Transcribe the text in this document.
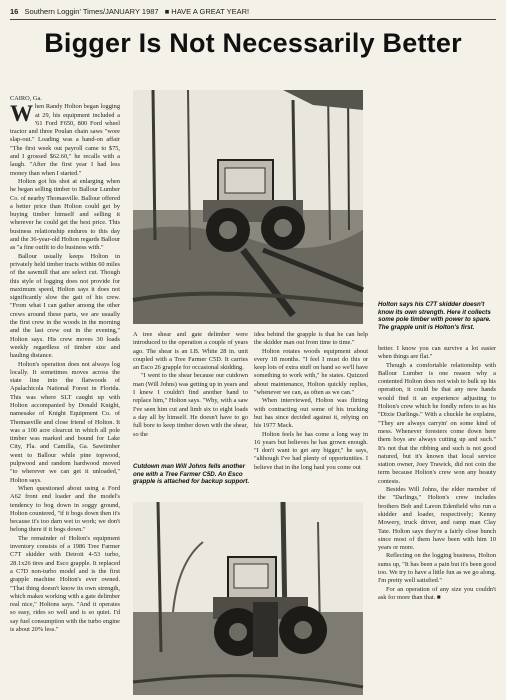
16 Southern Loggin' Times/JANUARY 1987 ■ HAVE A GREAT YEAR!
Bigger Is Not Necessarily Better
CAIRO, Ga.

When Randy Holton began logging at 29, his equipment included a '61 Ford F650, 800 Ford wheel tractor and three Poulan chain saws "wore slap-out." Loading was a hand-on affair "The first week out payroll came to $75, and I grossed $62.60," he recalls with a laugh. "After the first year I had less money than when I started."

Holton got his shot at enlarging when he began selling timber to Ballour Lumber Co. of nearby Thomasville. Ballour offered a better price than Holton could get by buying timber himself and selling it wherever he could get the best price. This business relationship endures to this day and the 36-year-old Holton regards Ballour as "a fine outfit to do business with."

Ballour usually keeps Holton in privately held timber tracts within 60 miles of the sawmill that are select cut. Though this style of logging does not provide for maximum speed, Holton says it does not significantly slow the gait of his crew. "From what I can gather among the other crews around these parts, we are usually the first crew in the woods in the morning and the last crew out in the evening," Holton says. His crew moves 30 loads weekly regardless of timber size and hauling distance.

Holton's operation does not always log locally. It sometimes moves across the state line into the flatwoods of Apalachicola National Forest in Florida. This was where SLT caught up with Holton accompanied by Donald Knight, namesake of Knight Equipment Co. of Thomasville and close friend of Holton. It was a 100 acre clearcut in which all pole timber was marked and bound for Lake City, Fla. and Camilla, Ga. Sawtimber went to Ballour while pine topwood, pulpwood and random hardwood moved "to wherever we can get it unloaded," Holton says.

When questioned about using a Ford A62 front end loader and the model's tendency to bog down in soggy ground, Holton countered, "if it bogs down then it's because it's too darn wet to work; we don't belong there if it bogs down."

The remainder of Holton's equipment inventory consists of a 1986 Tree Farmer C7T skidder with Detroit 4-53 turbo, 28.1x26 tires and Esco grapple. It replaced a C7D non-turbo model and is the first grapple machine Holton's ever owned. "That thing doesn't know its own strength, which makes working with a gate delimber real nice," Holtons says. "And it operates so easy, rides so well and is so quiet. I'd say fuel consumption with the turbo engine is about 20% less."

Holton says his C7T skidder doesn't know its own strength. Here it collects some pole timber with power to spare. The grapple unit is Holton's first.

A tree shear and gate delimber were introduced to the operation a couple of years ago. The shear is an I.B. White 28 in. unit coupled with a Tree Farmer C5D. It carries an Esco 26 grapple for occasional skidding.

"I went to the shear because our cutdown man (Will Johns) was getting up in years and I knew I couldn't find another hand to replace him," Holton says. "Why, with a saw I've seen him cut and limb six to eight loads a day all by himself. He doesn't have to go full bore to keep timber down with the shear, so the

idea behind the grapple is that he can help the skidder man out from time to time."

Holton rotates woods equipment about every 18 months. "I feel I must do this or keep lots of extra stuff on hand so we'll have something to work with," he states. Quizzed about maintenance, Holton quickly replies, "whenever we can, as often as we can."

When interviewed, Holton was flirting with contracting out some of his trucking but has since decided against it, relying on his 1977 Mack.

Holton feels he has come a long way in 16 years but believes he has grown enough. "I don't want to get any bigger," he says, "although I've had plenty of opportunities. I believe that in the long haul you come out

Cutdown man Will Johns fells another one with a Tree Farmer C5D. An Esco grapple is attached for backup support.

better. I know you can survive a lot easier when things are flat."

Though a comfortable relationship with Ballour Lumber is one reason why a contented Holton does not wish to bulk up his operation, it could be that any new hands would find it an experience adjusting to Holton's crew which he fondly refers to as his "Dixie Darlings." With a chuckle he explains, "They are always carryin' on some kind of mess. Whenever foresters come down here them boys are always cutting up and such." It's not that the ribbing and such is not good natured, but it's known that local service station owner, Joey Trawick, did not coin the term because Holton's crew won any beauty contests.

Besides Will Johns, the elder member of the "Darlings," Holton's crew includes brothers Bob and Lavon Edenfield who run a skidder and loader, respectively; Kenny Mowery, truck driver, and ramp man Clay Tate. Holton says they're a fairly close bunch since most of them have been with him 10 years or more.

Reflecting on the logging business, Holton sums up, "It has been a pain but it's been good too. We try to have a little fun as we go along. I'm pretty well satisfied."

For an operation of any size you couldn't ask for more than that. ■
